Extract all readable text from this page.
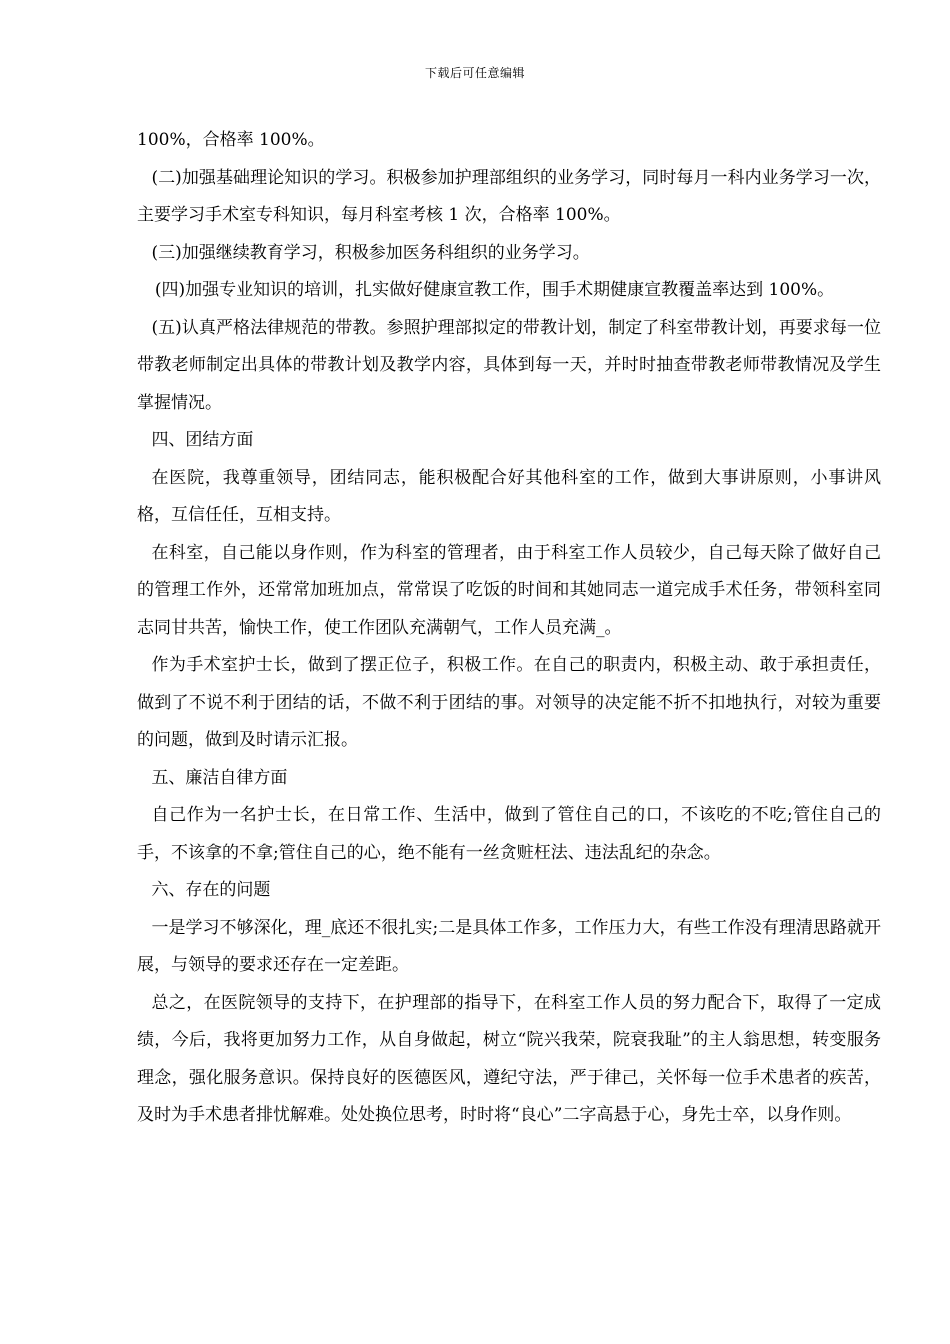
下载后可任意编辑

100%，合格率 100%。

(二)加强基础理论知识的学习。积极参加护理部组织的业务学习，同时每月一科内业务学习一次，主要学习手术室专科知识，每月科室考核 1 次，合格率 100%。

(三)加强继续教育学习，积极参加医务科组织的业务学习。

(四)加强专业知识的培训，扎实做好健康宣教工作，围手术期健康宣教覆盖率达到 100%。

(五)认真严格法律规范的带教。参照护理部拟定的带教计划，制定了科室带教计划，再要求每一位带教老师制定出具体的带教计划及教学内容，具体到每一天，并时时抽查带教老师带教情况及学生掌握情况。

四、团结方面

在医院，我尊重领导，团结同志，能积极配合好其他科室的工作，做到大事讲原则，小事讲风格，互信任任，互相支持。

在科室，自己能以身作则，作为科室的管理者，由于科室工作人员较少，自己每天除了做好自己的管理工作外，还常常加班加点，常常误了吃饭的时间和其她同志一道完成手术任务，带领科室同志同甘共苦，愉快工作，使工作团队充满朝气，工作人员充满_。

作为手术室护士长，做到了摆正位子，积极工作。在自己的职责内，积极主动、敢于承担责任，做到了不说不利于团结的话，不做不利于团结的事。对领导的决定能不折不扣地执行，对较为重要的问题，做到及时请示汇报。

五、廉洁自律方面

自己作为一名护士长，在日常工作、生活中，做到了管住自己的口，不该吃的不吃;管住自己的手，不该拿的不拿;管住自己的心，绝不能有一丝贪赃枉法、违法乱纪的杂念。

六、存在的问题

一是学习不够深化，理_底还不很扎实;二是具体工作多，工作压力大，有些工作没有理清思路就开展，与领导的要求还存在一定差距。

总之，在医院领导的支持下，在护理部的指导下，在科室工作人员的努力配合下，取得了一定成绩，今后，我将更加努力工作，从自身做起，树立“院兴我荣，院衰我耻”的主人翁思想，转变服务理念，强化服务意识。保持良好的医德医风，遵纪守法，严于律己，关怀每一位手术患者的疾苦，及时为手术患者排忧解难。处处换位思考，时时将“良心”二字高悬于心，身先士卒，以身作则。
